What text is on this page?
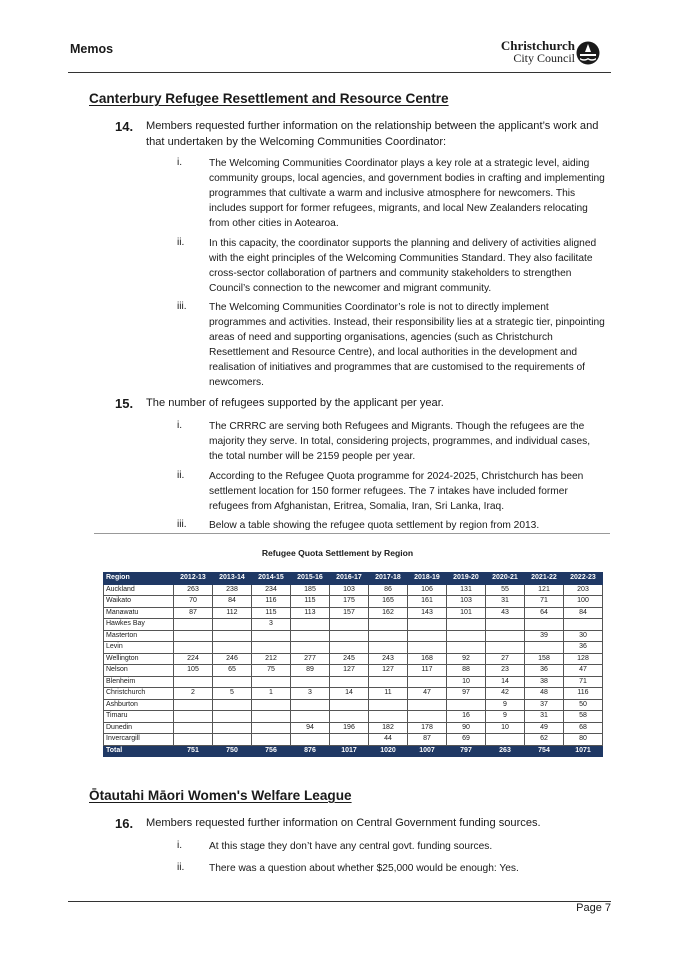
Memos	Christchurch
City Council
Canterbury Refugee Resettlement and Resource Centre
14. Members requested further information on the relationship between the applicant’s work and that undertaken by the Welcoming Communities Coordinator:
i.	The Welcoming Communities Coordinator plays a key role at a strategic level, aiding community groups, local agencies, and government bodies in crafting and implementing programmes that cultivate a warm and inclusive atmosphere for newcomers. This includes support for former refugees, migrants, and local New Zealanders relocating from other cities in Aotearoa.
ii. In this capacity, the coordinator supports the planning and delivery of activities aligned with the eight principles of the Welcoming Communities Standard. They also facilitate cross-sector collaboration of partners and community stakeholders to strengthen Council’s connection to the newcomer and migrant community.
iii. The Welcoming Communities Coordinator’s role is not to directly implement programmes and activities. Instead, their responsibility lies at a strategic tier, pinpointing areas of need and supporting organisations, agencies (such as Christchurch Resettlement and Resource Centre), and local authorities in the development and realisation of initiatives and programmes that are customised to the requirements of newcomers.
15. The number of refugees supported by the applicant per year.
i.	The CRRRC are serving both Refugees and Migrants. Though the refugees are the majority they serve. In total, considering projects, programmes, and individual cases, the total number will be 2159 people per year.
ii. According to the Refugee Quota programme for 2024-2025, Christchurch has been settlement location for 150 former refugees. The 7 intakes have included former refugees from Afghanistan, Eritrea, Somalia, Iran, Sri Lanka, Iraq.
iii. Below a table showing the refugee quota settlement by region from 2013.
Refugee Quota Settlement by Region
Region	2012-13	2013-14	2014-15	2015-16	2016-17	2017-18	2018-19	2019-20	2020-21	2021-22	2022-23
Auckland	263	238	234	185	103	86	106	131	55	121	203
Waikato	70	84	116	115	175	165	161	103	31	71	100
Manawatu	87	112	115	113	157	162	143	101	43	64	84
Hawkes Bay			3								
Masterton										39	30
Levin											36
Wellington	224	246	212	277	245	243	168	92	27	158	128
Nelson	105	65	75	89	127	127	117	88	23	36	47
Blenheim								10	14	38	71
Christchurch	2	5	1	3	14	11	47	97	42	48	116
Ashburton									9	37	50
Timaru								16	9	31	58
Dunedin				94	196	182	178	90	10	49	68
Invercargill						44	87	69		62	80
Total	751	750	756	876	1017	1020	1007	797	263	754	1071
Ōtautahi Māori Women's Welfare League
16. Members requested further information on Central Government funding sources.
i.	At this stage they don’t have any central govt. funding sources.
ii. There was a question about whether $25,000 would be enough: Yes.
Page 7
